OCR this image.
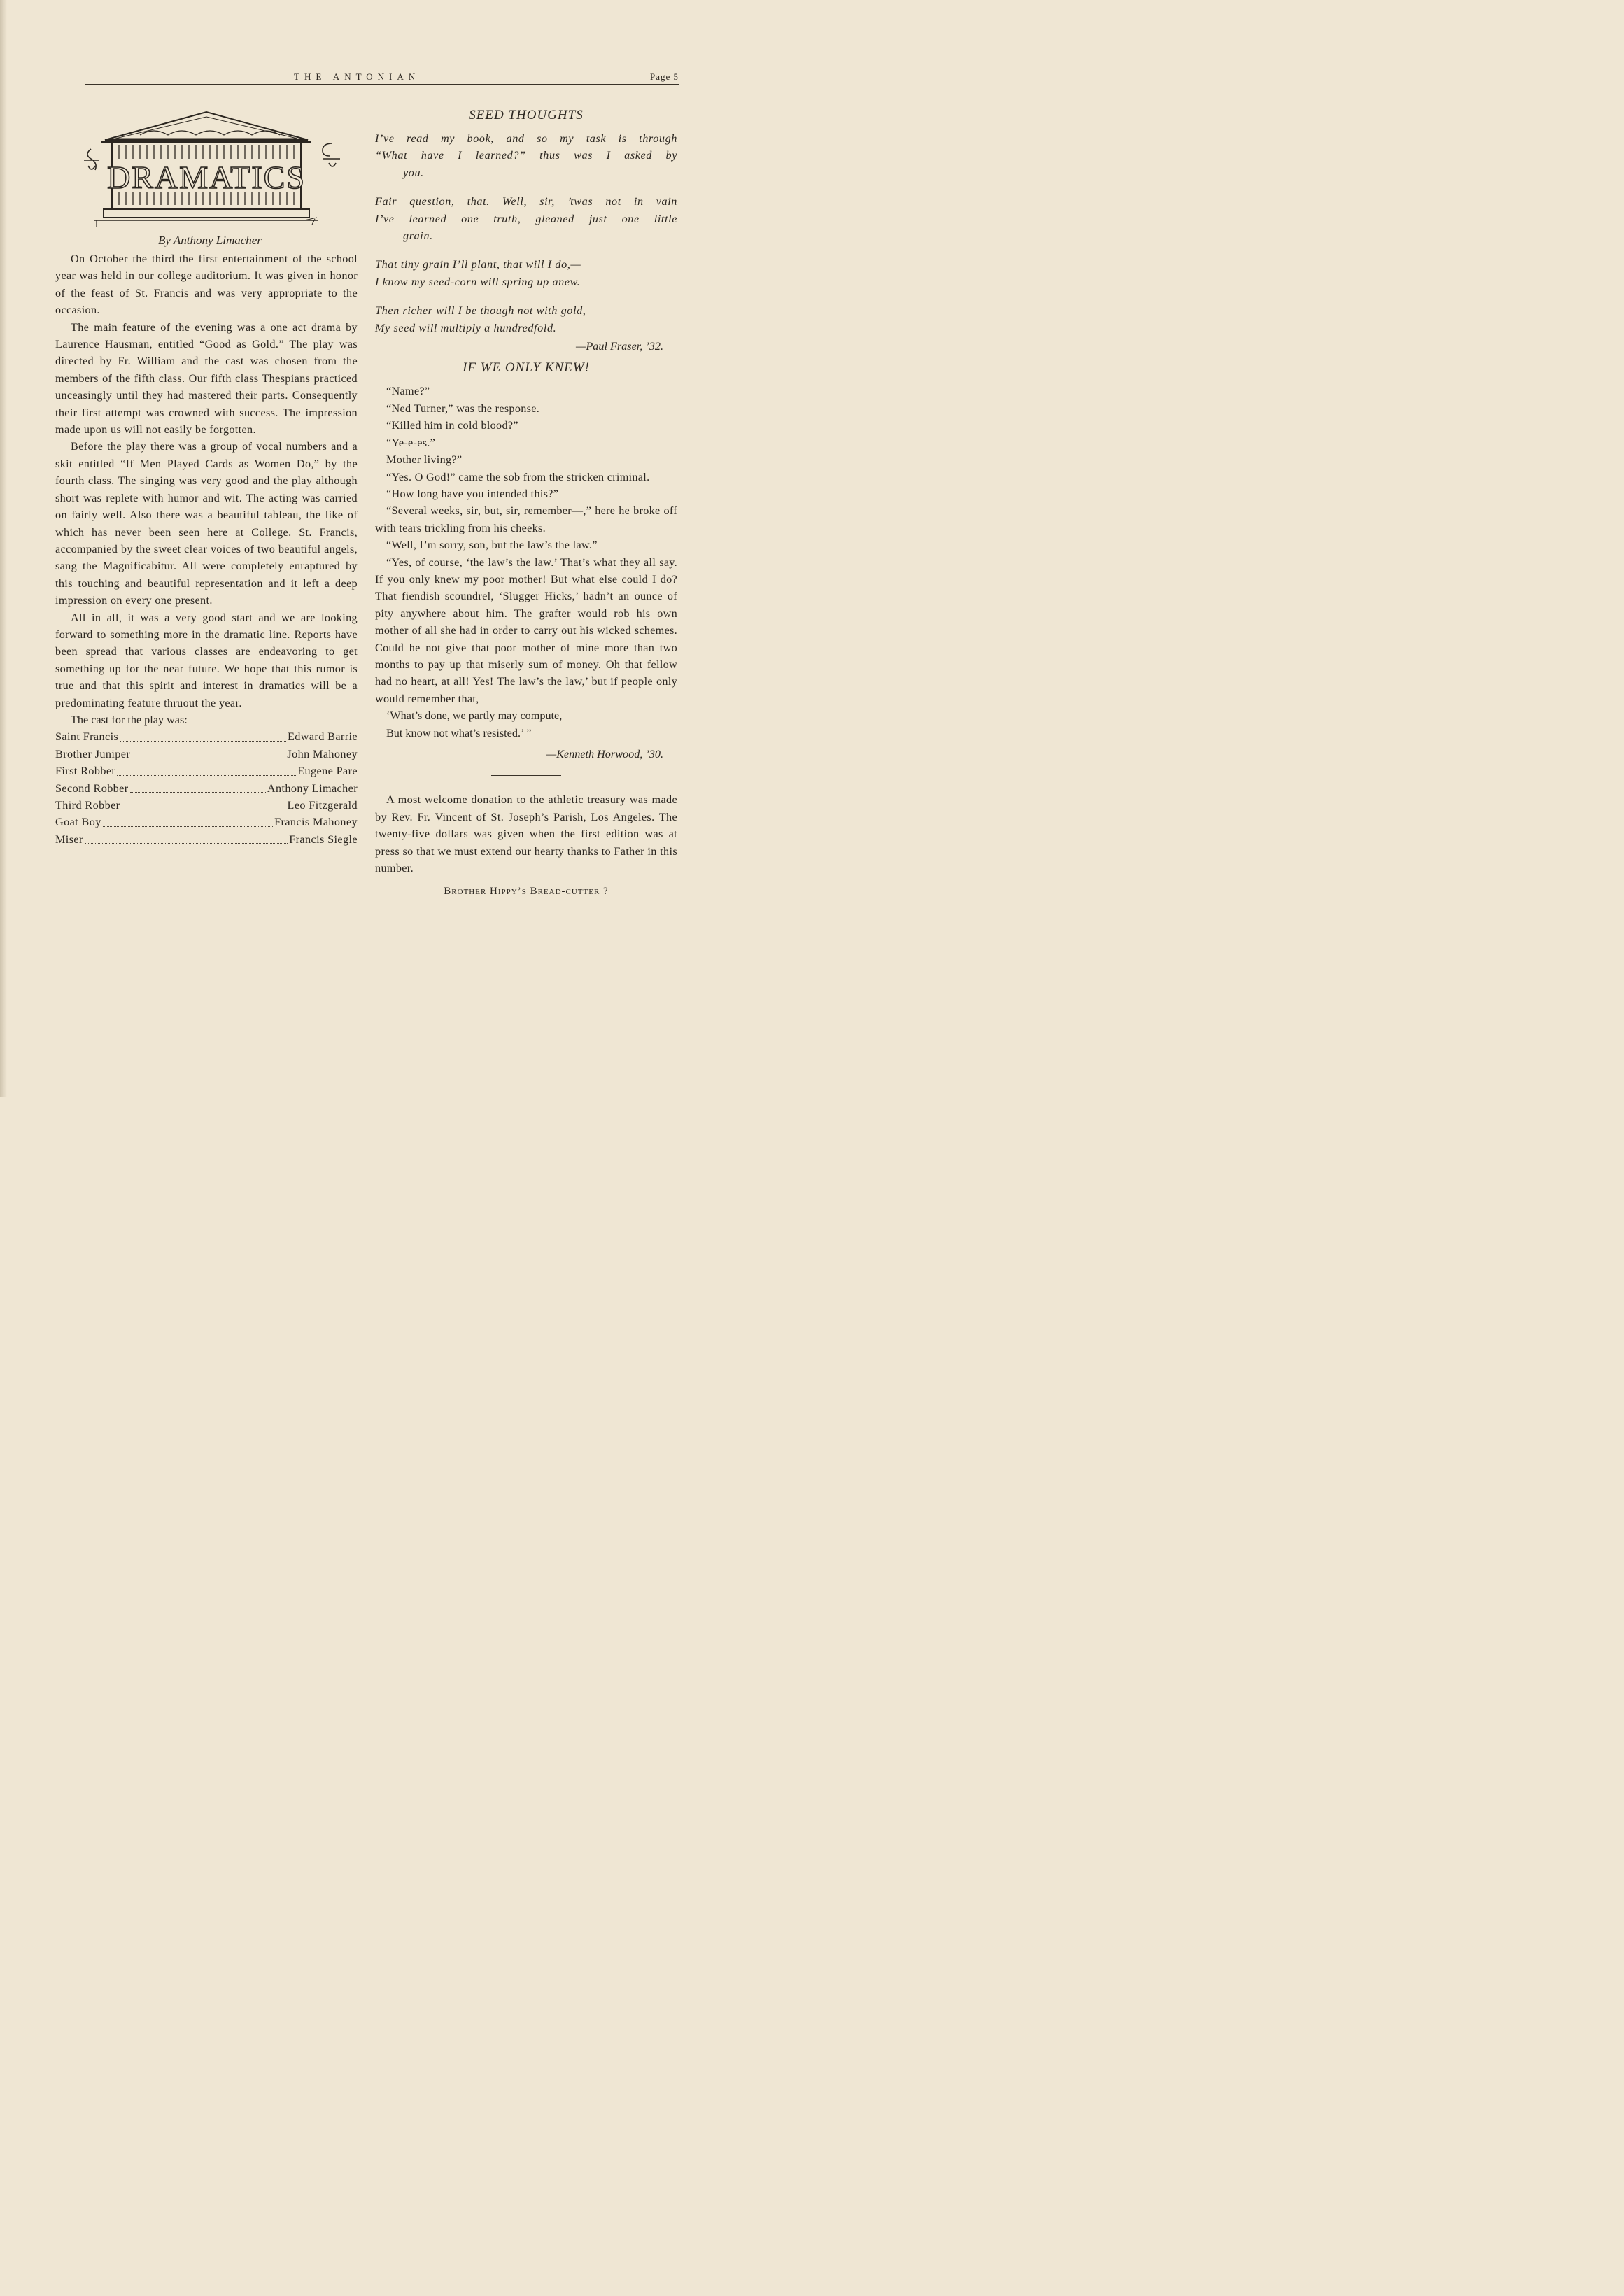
THE ANTONIAN	Page 5
DRAMATICS

By Anthony Limacher

On October the third the first entertainment of the school year was held in our college auditorium. It was given in honor of the feast of St. Francis and was very appropriate to the occasion.

The main feature of the evening was a one act drama by Laurence Hausman, entitled “Good as Gold.” The play was directed by Fr. William and the cast was chosen from the members of the fifth class. Our fifth class Thespians practiced unceasingly until they had mastered their parts. Consequently their first attempt was crowned with success. The impression made upon us will not easily be forgotten.

Before the play there was a group of vocal numbers and a skit entitled “If Men Played Cards as Women Do,” by the fourth class. The singing was very good and the play although short was replete with humor and wit. The acting was carried on fairly well. Also there was a beautiful tableau, the like of which has never been seen here at College. St. Francis, accompanied by the sweet clear voices of two beautiful angels, sang the Magnificabitur. All were completely enraptured by this touching and beautiful representation and it left a deep impression on every one present.

All in all, it was a very good start and we are looking forward to something more in the dramatic line. Reports have been spread that various classes are endeavoring to get something up for the near future. We hope that this rumor is true and that this spirit and interest in dramatics will be a predominating feature thruout the year.

The cast for the play was:

Saint Francis	Edward Barrie
Brother Juniper	John Mahoney
First Robber	Eugene Pare
Second Robber	Anthony Limacher
Third Robber	Leo Fitzgerald
Goat Boy	Francis Mahoney
Miser	Francis Siegle
SEED THOUGHTS
I’ve read my book, and so my task is through
“What have I learned?” thus was I asked by
you.
Fair question, that. Well, sir, ’twas not in vain
I’ve learned one truth, gleaned just one little
grain.
That tiny grain I’ll plant, that will I do,—
I know my seed-corn will spring up anew.
Then richer will I be though not with gold,
My seed will multiply a hundredfold.
—Paul Fraser, ’32.
IF WE ONLY KNEW!

“Name?”

“Ned Turner,” was the response.

“Killed him in cold blood?”

“Ye-e-es.”

Mother living?”

“Yes. O God!” came the sob from the stricken criminal.

“How long have you intended this?”

“Several weeks, sir, but, sir, remember—,” here he broke off with tears trickling from his cheeks.

“Well, I’m sorry, son, but the law’s the law.”

“Yes, of course, ‘the law’s the law.’ That’s what they all say. If you only knew my poor mother! But what else could I do? That fiendish scoundrel, ‘Slugger Hicks,’ hadn’t an ounce of pity anywhere about him. The grafter would rob his own mother of all she had in order to carry out his wicked schemes. Could he not give that poor mother of mine more than two months to pay up that miserly sum of money. Oh that fellow had no heart, at all! Yes! The law’s the law,’ but if people only would remember that,

‘What’s done, we partly may compute,
But know not what’s resisted.’ ”
—Kenneth Horwood, ’30.

A most welcome donation to the athletic treasury was made by Rev. Fr. Vincent of St. Joseph’s Parish, Los Angeles. The twenty-five dollars was given when the first edition was at press so that we must extend our hearty thanks to Father in this number.

Brother Hippy’s Bread-cutter ?
